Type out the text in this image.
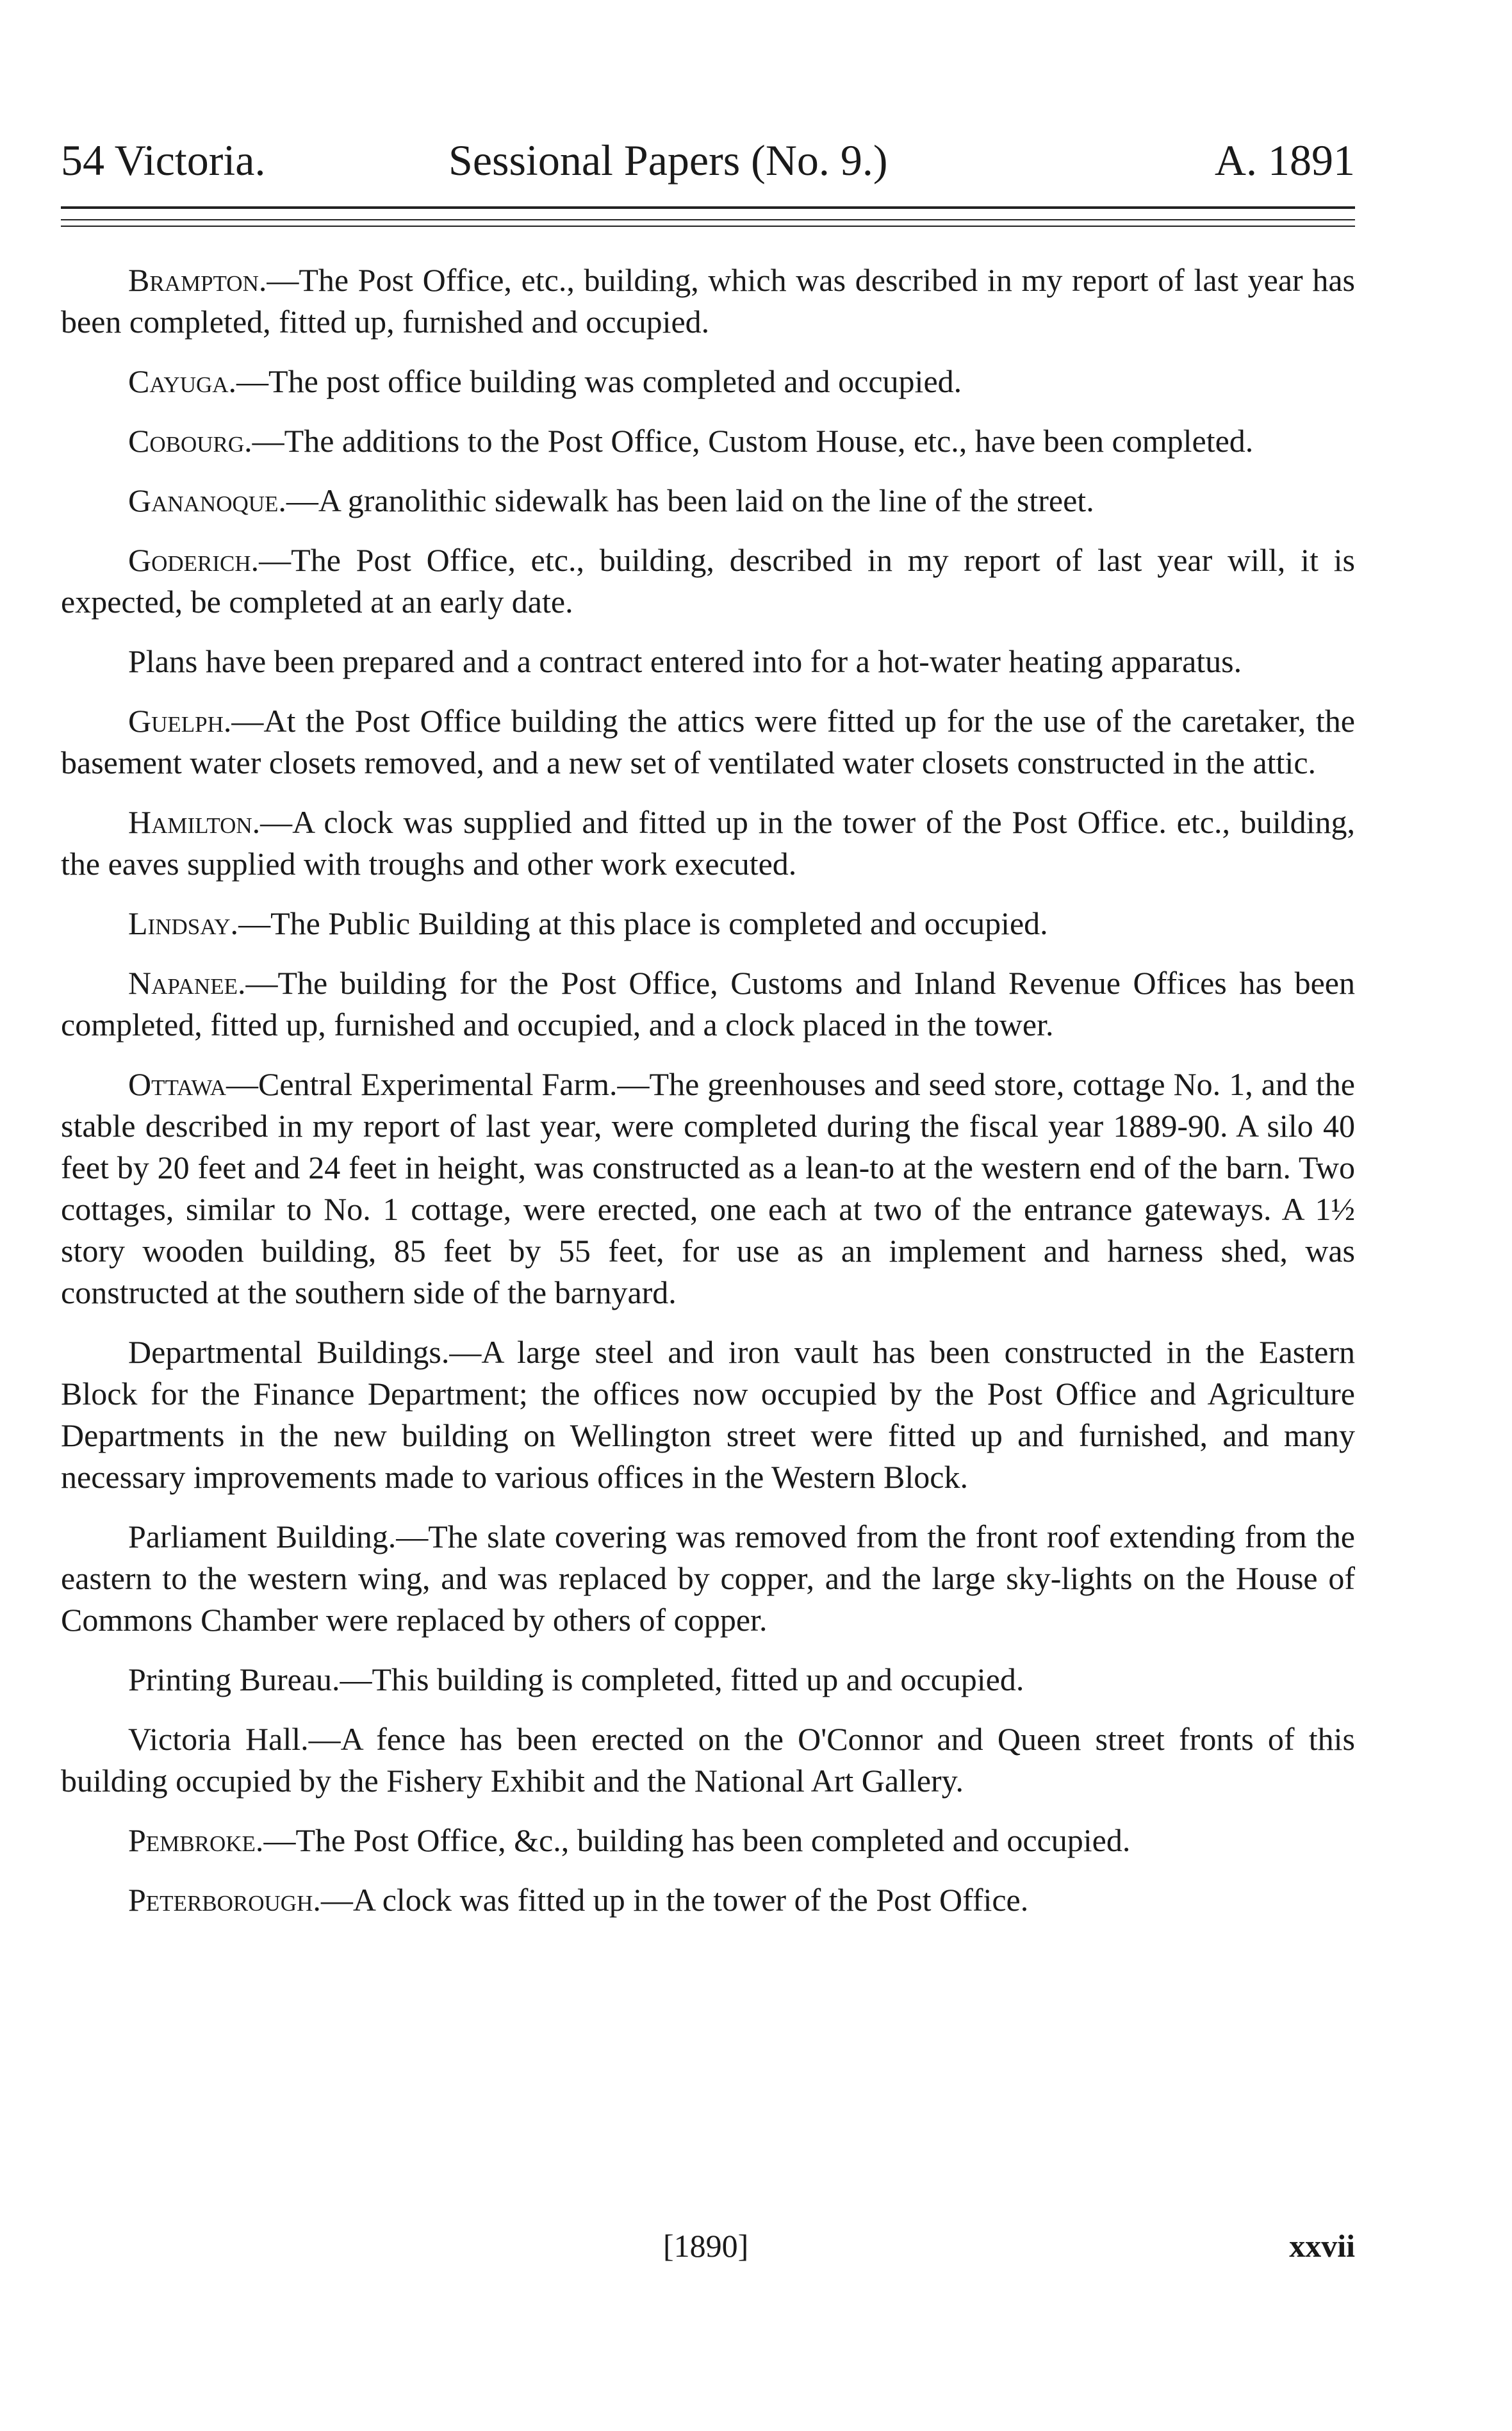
54 Victoria.	Sessional Papers (No. 9.)	A. 1891

Brampton.—The Post Office, etc., building, which was described in my report of last year has been completed, fitted up, furnished and occupied.

Cayuga.—The post office building was completed and occupied.

Cobourg.—The additions to the Post Office, Custom House, etc., have been completed.

Gananoque.—A granolithic sidewalk has been laid on the line of the street.

Goderich.—The Post Office, etc., building, described in my report of last year will, it is expected, be completed at an early date.

Plans have been prepared and a contract entered into for a hot-water heating apparatus.

Guelph.—At the Post Office building the attics were fitted up for the use of the caretaker, the basement water closets removed, and a new set of ventilated water closets constructed in the attic.

Hamilton.—A clock was supplied and fitted up in the tower of the Post Office. etc., building, the eaves supplied with troughs and other work executed.

Lindsay.—The Public Building at this place is completed and occupied.

Napanee.—The building for the Post Office, Customs and Inland Revenue Offices has been completed, fitted up, furnished and occupied, and a clock placed in the tower.

Ottawa—Central Experimental Farm.—The greenhouses and seed store, cottage No. 1, and the stable described in my report of last year, were completed during the fiscal year 1889-90. A silo 40 feet by 20 feet and 24 feet in height, was constructed as a lean-to at the western end of the barn. Two cottages, similar to No. 1 cottage, were erected, one each at two of the entrance gateways. A 1½ story wooden building, 85 feet by 55 feet, for use as an implement and harness shed, was constructed at the southern side of the barnyard.

Departmental Buildings.—A large steel and iron vault has been constructed in the Eastern Block for the Finance Department; the offices now occupied by the Post Office and Agriculture Departments in the new building on Wellington street were fitted up and furnished, and many necessary improvements made to various offices in the Western Block.

Parliament Building.—The slate covering was removed from the front roof extending from the eastern to the western wing, and was replaced by copper, and the large sky-lights on the House of Commons Chamber were replaced by others of copper.

Printing Bureau.—This building is completed, fitted up and occupied.

Victoria Hall.—A fence has been erected on the O'Connor and Queen street fronts of this building occupied by the Fishery Exhibit and the National Art Gallery.

Pembroke.—The Post Office, &c., building has been completed and occupied.

Peterborough.—A clock was fitted up in the tower of the Post Office.

[1890]	xxvii
